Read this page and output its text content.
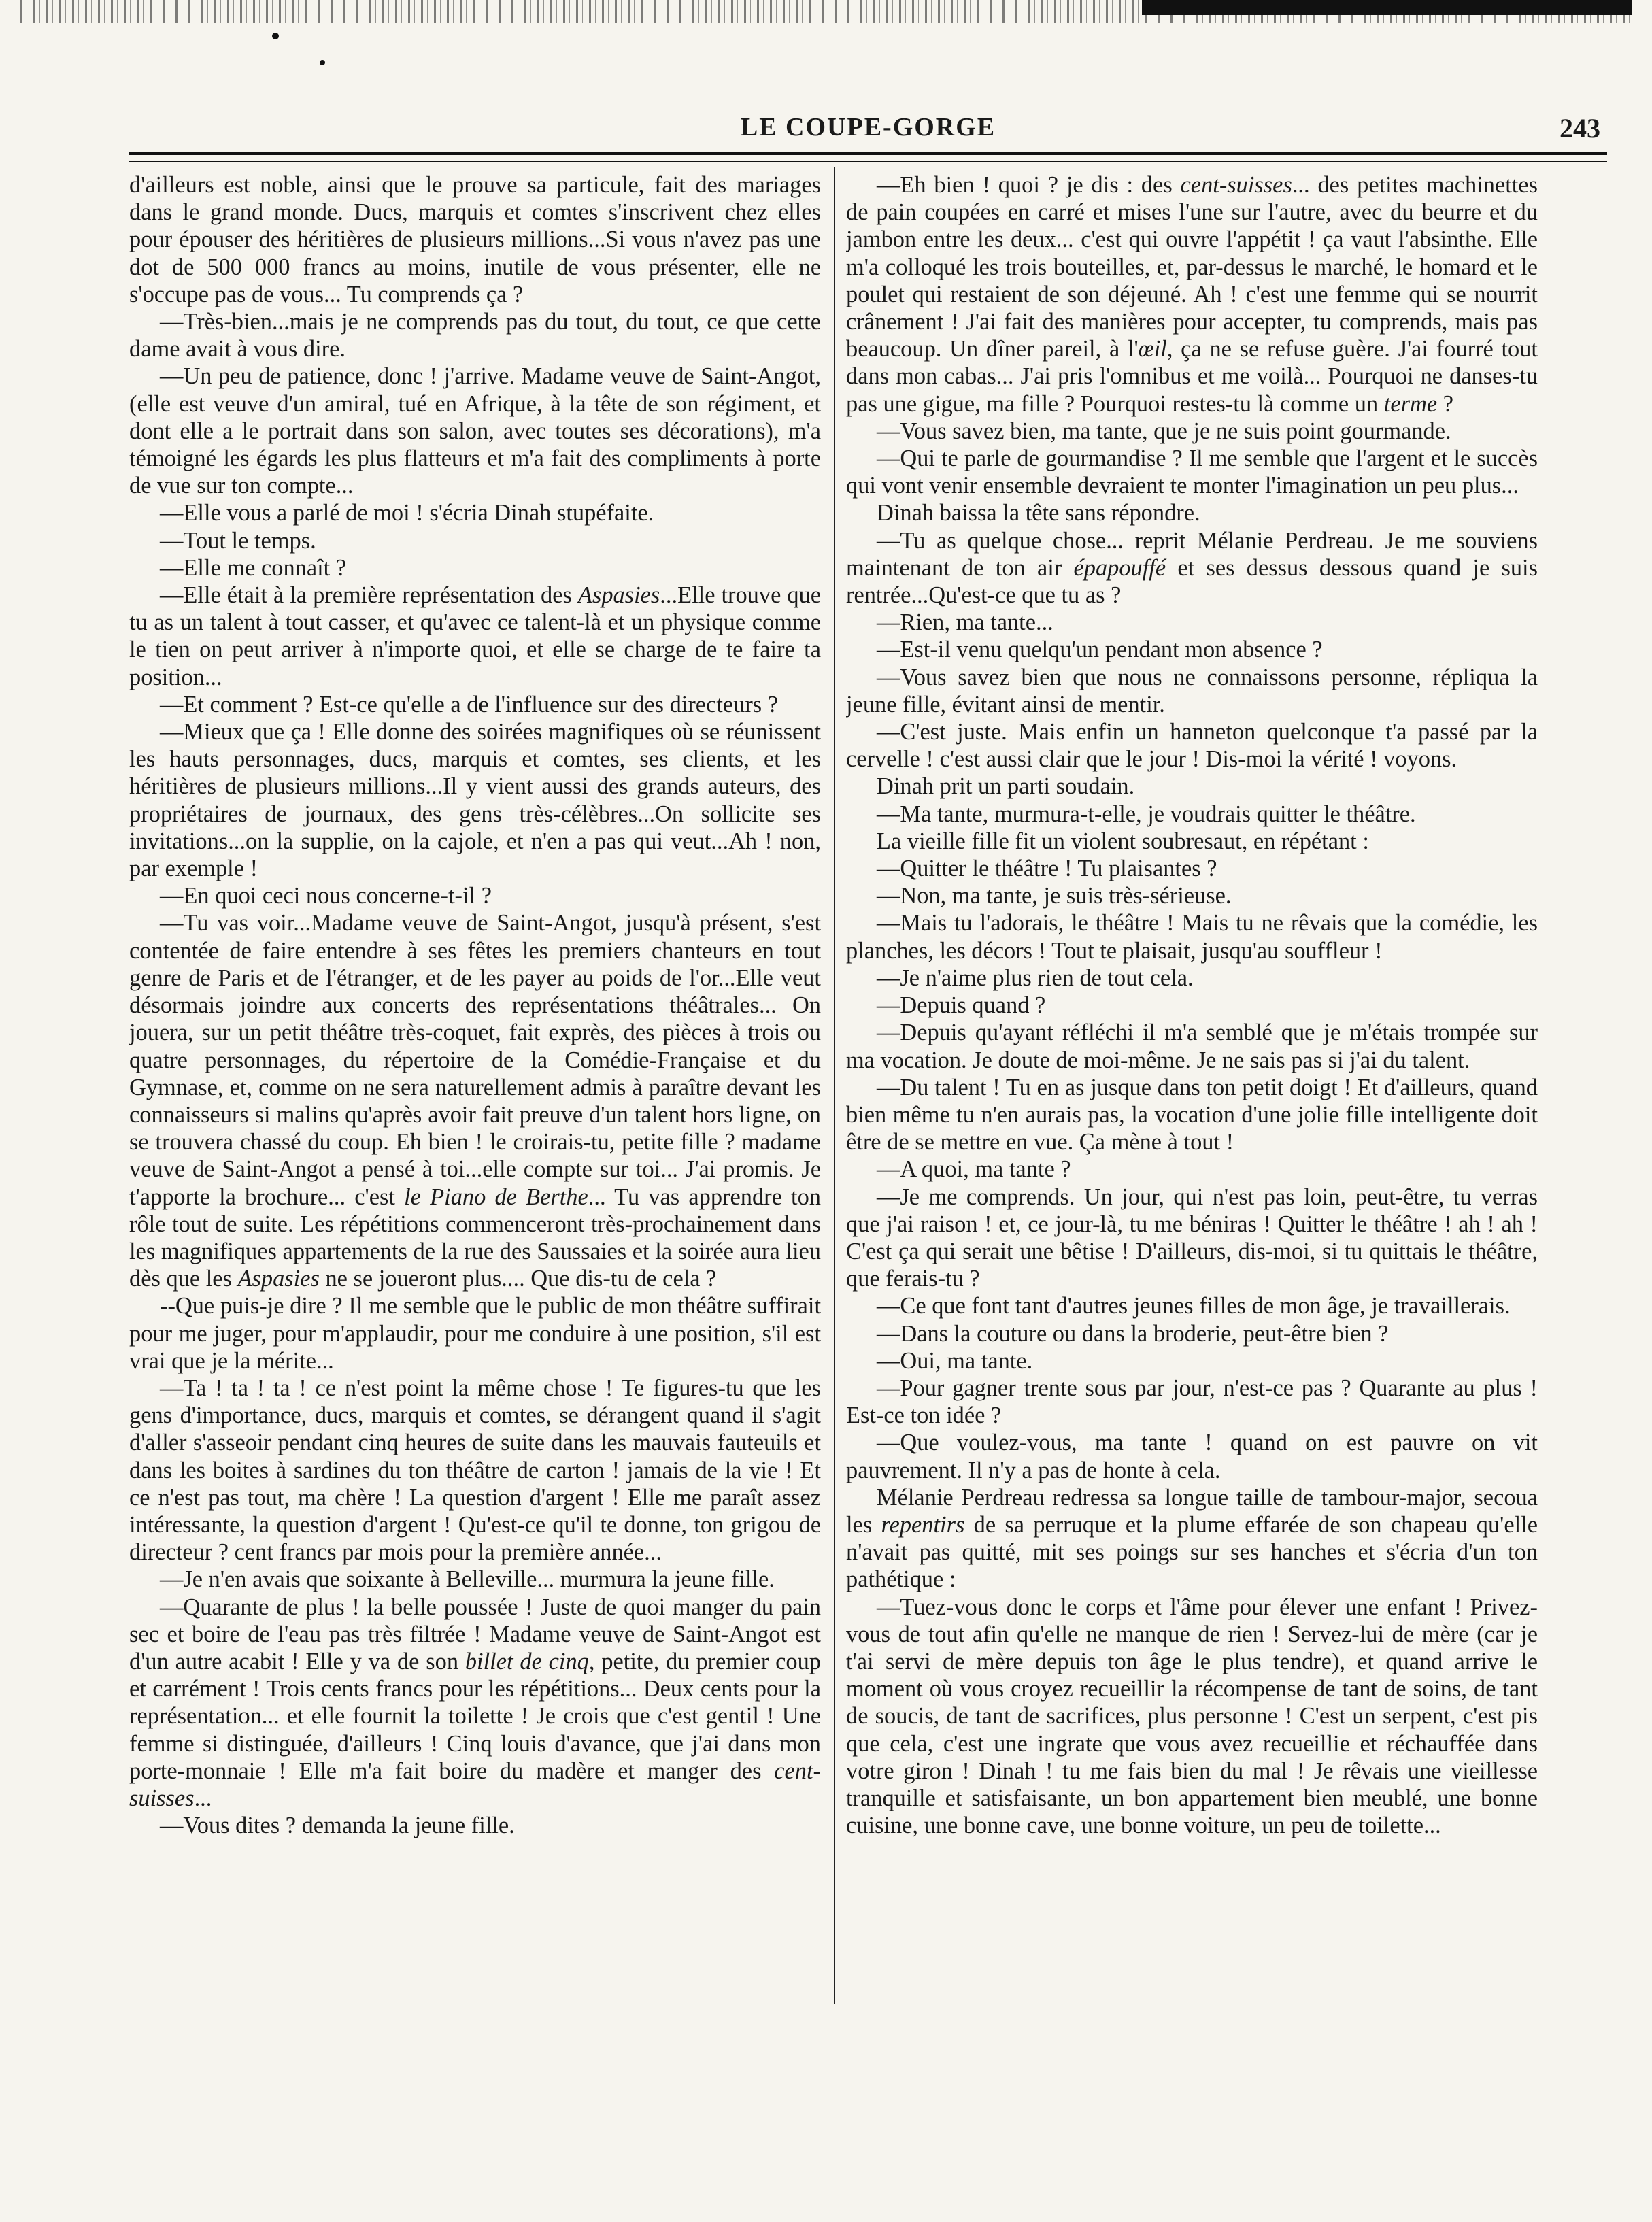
LE COUPE-GORGE	243

d'ailleurs est noble, ainsi que le prouve sa particule, fait des mariages dans le grand monde. Ducs, marquis et comtes s'inscrivent chez elles pour épouser des héritières de plusieurs millions...Si vous n'avez pas une dot de 500 000 francs au moins, inutile de vous présenter, elle ne s'occupe pas de vous... Tu comprends ça ?

—Très-bien...mais je ne comprends pas du tout, du tout, ce que cette dame avait à vous dire.

—Un peu de patience, donc ! j'arrive. Madame veuve de Saint-Angot, (elle est veuve d'un amiral, tué en Afrique, à la tête de son régiment, et dont elle a le portrait dans son salon, avec toutes ses décorations), m'a témoigné les égards les plus flatteurs et m'a fait des compliments à porte de vue sur ton compte...

—Elle vous a parlé de moi ! s'écria Dinah stupéfaite.

—Tout le temps.

—Elle me connaît ?

—Elle était à la première représentation des Aspasies...Elle trouve que tu as un talent à tout casser, et qu'avec ce talent-là et un physique comme le tien on peut arriver à n'importe quoi, et elle se charge de te faire ta position...

—Et comment ? Est-ce qu'elle a de l'influence sur des directeurs ?

—Mieux que ça ! Elle donne des soirées magnifiques où se réunissent les hauts personnages, ducs, marquis et comtes, ses clients, et les héritières de plusieurs millions...Il y vient aussi des grands auteurs, des propriétaires de journaux, des gens très-célèbres...On sollicite ses invitations...on la supplie, on la cajole, et n'en a pas qui veut...Ah ! non, par exemple !

—En quoi ceci nous concerne-t-il ?

—Tu vas voir...Madame veuve de Saint-Angot, jusqu'à présent, s'est contentée de faire entendre à ses fêtes les premiers chanteurs en tout genre de Paris et de l'étranger, et de les payer au poids de l'or...Elle veut désormais joindre aux concerts des représentations théâtrales... On jouera, sur un petit théâtre très-coquet, fait exprès, des pièces à trois ou quatre personnages, du répertoire de la Comédie-Française et du Gymnase, et, comme on ne sera naturellement admis à paraître devant les connaisseurs si malins qu'après avoir fait preuve d'un talent hors ligne, on se trouvera chassé du coup. Eh bien ! le croirais-tu, petite fille ? madame veuve de Saint-Angot a pensé à toi...elle compte sur toi... J'ai promis. Je t'apporte la brochure... c'est le Piano de Berthe... Tu vas apprendre ton rôle tout de suite. Les répétitions commenceront très-prochainement dans les magnifiques appartements de la rue des Saussaies et la soirée aura lieu dès que les Aspasies ne se joueront plus.... Que dis-tu de cela ?

--Que puis-je dire ? Il me semble que le public de mon théâtre suffirait pour me juger, pour m'applaudir, pour me conduire à une position, s'il est vrai que je la mérite...

—Ta ! ta ! ta ! ce n'est point la même chose ! Te figures-tu que les gens d'importance, ducs, marquis et comtes, se dérangent quand il s'agit d'aller s'asseoir pendant cinq heures de suite dans les mauvais fauteuils et dans les boites à sardines du ton théâtre de carton ! jamais de la vie ! Et ce n'est pas tout, ma chère ! La question d'argent ! Elle me paraît assez intéressante, la question d'argent ! Qu'est-ce qu'il te donne, ton grigou de directeur ? cent francs par mois pour la première année...

—Je n'en avais que soixante à Belleville... murmura la jeune fille.

—Quarante de plus ! la belle poussée ! Juste de quoi manger du pain sec et boire de l'eau pas très filtrée ! Madame veuve de Saint-Angot est d'un autre acabit ! Elle y va de son billet de cinq, petite, du premier coup et carrément ! Trois cents francs pour les répétitions... Deux cents pour la représentation... et elle fournit la toilette ! Je crois que c'est gentil ! Une femme si distinguée, d'ailleurs ! Cinq louis d'avance, que j'ai dans mon porte-monnaie ! Elle m'a fait boire du madère et manger des cent-suisses...

—Vous dites ? demanda la jeune fille.

—Eh bien ! quoi ? je dis : des cent-suisses... des petites machinettes de pain coupées en carré et mises l'une sur l'autre, avec du beurre et du jambon entre les deux... c'est qui ouvre l'appétit ! ça vaut l'absinthe. Elle m'a colloqué les trois bouteilles, et, par-dessus le marché, le homard et le poulet qui restaient de son déjeuné. Ah ! c'est une femme qui se nourrit crânement ! J'ai fait des manières pour accepter, tu comprends, mais pas beaucoup. Un dîner pareil, à l'œil, ça ne se refuse guère. J'ai fourré tout dans mon cabas... J'ai pris l'omnibus et me voilà... Pourquoi ne danses-tu pas une gigue, ma fille ? Pourquoi restes-tu là comme un terme ?

—Vous savez bien, ma tante, que je ne suis point gourmande.

—Qui te parle de gourmandise ? Il me semble que l'argent et le succès qui vont venir ensemble devraient te monter l'imagination un peu plus...

Dinah baissa la tête sans répondre.

—Tu as quelque chose... reprit Mélanie Perdreau. Je me souviens maintenant de ton air épapouffé et ses dessus dessous quand je suis rentrée...Qu'est-ce que tu as ?

—Rien, ma tante...

—Est-il venu quelqu'un pendant mon absence ?

—Vous savez bien que nous ne connaissons personne, répliqua la jeune fille, évitant ainsi de mentir.

—C'est juste. Mais enfin un hanneton quelconque t'a passé par la cervelle ! c'est aussi clair que le jour ! Dis-moi la vérité ! voyons.

Dinah prit un parti soudain.

—Ma tante, murmura-t-elle, je voudrais quitter le théâtre.

La vieille fille fit un violent soubresaut, en répétant :

—Quitter le théâtre ! Tu plaisantes ?

—Non, ma tante, je suis très-sérieuse.

—Mais tu l'adorais, le théâtre ! Mais tu ne rêvais que la comédie, les planches, les décors ! Tout te plaisait, jusqu'au souffleur !

—Je n'aime plus rien de tout cela.

—Depuis quand ?

—Depuis qu'ayant réfléchi il m'a semblé que je m'étais trompée sur ma vocation. Je doute de moi-même. Je ne sais pas si j'ai du talent.

—Du talent ! Tu en as jusque dans ton petit doigt ! Et d'ailleurs, quand bien même tu n'en aurais pas, la vocation d'une jolie fille intelligente doit être de se mettre en vue. Ça mène à tout !

—A quoi, ma tante ?

—Je me comprends. Un jour, qui n'est pas loin, peut-être, tu verras que j'ai raison ! et, ce jour-là, tu me béniras ! Quitter le théâtre ! ah ! ah ! C'est ça qui serait une bêtise ! D'ailleurs, dis-moi, si tu quittais le théâtre, que ferais-tu ?

—Ce que font tant d'autres jeunes filles de mon âge, je travaillerais.

—Dans la couture ou dans la broderie, peut-être bien ?

—Oui, ma tante.

—Pour gagner trente sous par jour, n'est-ce pas ? Quarante au plus ! Est-ce ton idée ?

—Que voulez-vous, ma tante ! quand on est pauvre on vit pauvrement. Il n'y a pas de honte à cela.

Mélanie Perdreau redressa sa longue taille de tambour-major, secoua les repentirs de sa perruque et la plume effarée de son chapeau qu'elle n'avait pas quitté, mit ses poings sur ses hanches et s'écria d'un ton pathétique :

—Tuez-vous donc le corps et l'âme pour élever une enfant ! Privez-vous de tout afin qu'elle ne manque de rien ! Servez-lui de mère (car je t'ai servi de mère depuis ton âge le plus tendre), et quand arrive le moment où vous croyez recueillir la récompense de tant de soins, de tant de soucis, de tant de sacrifices, plus personne ! C'est un serpent, c'est pis que cela, c'est une ingrate que vous avez recueillie et réchauffée dans votre giron ! Dinah ! tu me fais bien du mal ! Je rêvais une vieillesse tranquille et satisfaisante, un bon appartement bien meublé, une bonne cuisine, une bonne cave, une bonne voiture, un peu de toilette...
